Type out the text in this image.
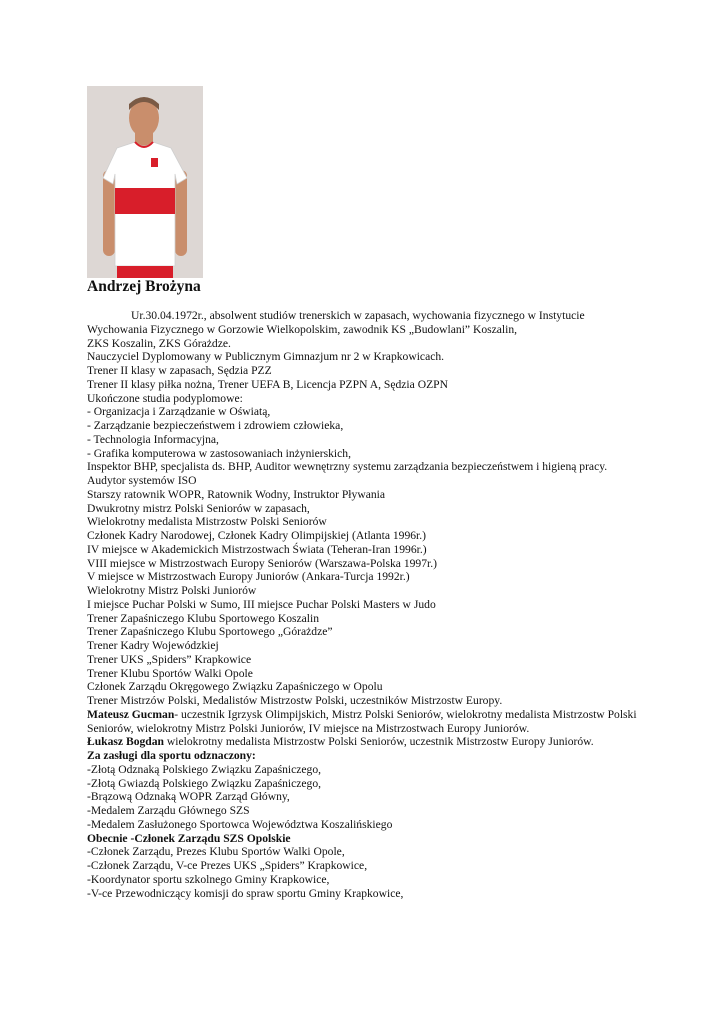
Andrzej Brożyna

Ur.30.04.1972r., absolwent studiów trenerskich w zapasach, wychowania fizycznego w Instytucie Wychowania Fizycznego w Gorzowie Wielkopolskim, zawodnik KS „Budowlani” Koszalin,

ZKS Koszalin, ZKS Górażdze.

Nauczyciel Dyplomowany w Publicznym Gimnazjum nr 2 w Krapkowicach.

Trener II klasy w zapasach, Sędzia PZZ

Trener II klasy piłka nożna, Trener UEFA B, Licencja PZPN A, Sędzia OZPN

Ukończone studia podyplomowe:

- Organizacja i Zarządzanie w Oświatą,

- Zarządzanie bezpieczeństwem i zdrowiem człowieka,

- Technologia Informacyjna,

- Grafika komputerowa w zastosowaniach inżynierskich,

Inspektor BHP, specjalista ds. BHP, Auditor wewnętrzny systemu zarządzania bezpieczeństwem i higieną pracy.

Audytor systemów ISO

Starszy ratownik WOPR, Ratownik Wodny, Instruktor Pływania

Dwukrotny mistrz Polski Seniorów w zapasach,

Wielokrotny medalista Mistrzostw Polski Seniorów

Członek Kadry Narodowej, Członek Kadry Olimpijskiej (Atlanta 1996r.)

IV miejsce w Akademickich Mistrzostwach Świata (Teheran-Iran 1996r.)

VIII miejsce w Mistrzostwach Europy Seniorów (Warszawa-Polska 1997r.)

V miejsce w Mistrzostwach Europy Juniorów (Ankara-Turcja 1992r.)

Wielokrotny Mistrz Polski Juniorów

I miejsce Puchar Polski w Sumo, III miejsce Puchar Polski Masters w Judo

Trener Zapaśniczego Klubu Sportowego Koszalin

Trener Zapaśniczego Klubu Sportowego „Górażdze”

Trener Kadry Wojewódzkiej

Trener UKS „Spiders” Krapkowice

Trener Klubu Sportów Walki Opole

Członek Zarządu Okręgowego Związku Zapaśniczego w Opolu

Trener Mistrzów Polski, Medalistów Mistrzostw Polski, uczestników Mistrzostw Europy.

Mateusz Gucman- uczestnik Igrzysk Olimpijskich, Mistrz Polski Seniorów, wielokrotny medalista Mistrzostw Polski Seniorów, wielokrotny Mistrz Polski Juniorów, IV miejsce na Mistrzostwach Europy Juniorów.

Łukasz Bogdan wielokrotny medalista Mistrzostw Polski Seniorów, uczestnik Mistrzostw Europy Juniorów.

Za zasługi dla sportu odznaczony:

-Złotą Odznaką Polskiego Związku Zapaśniczego,

-Złotą Gwiazdą Polskiego Związku Zapaśniczego,

-Brązową Odznaką WOPR Zarząd Główny,

-Medalem Zarządu Głównego SZS

-Medalem Zasłużonego Sportowca Województwa Koszalińskiego

Obecnie -Członek Zarządu SZS Opolskie

-Członek Zarządu, Prezes Klubu Sportów Walki Opole,

-Członek Zarządu, V-ce Prezes UKS „Spiders” Krapkowice,

-Koordynator sportu szkolnego Gminy Krapkowice,

-V-ce Przewodniczący komisji do spraw sportu Gminy Krapkowice,
